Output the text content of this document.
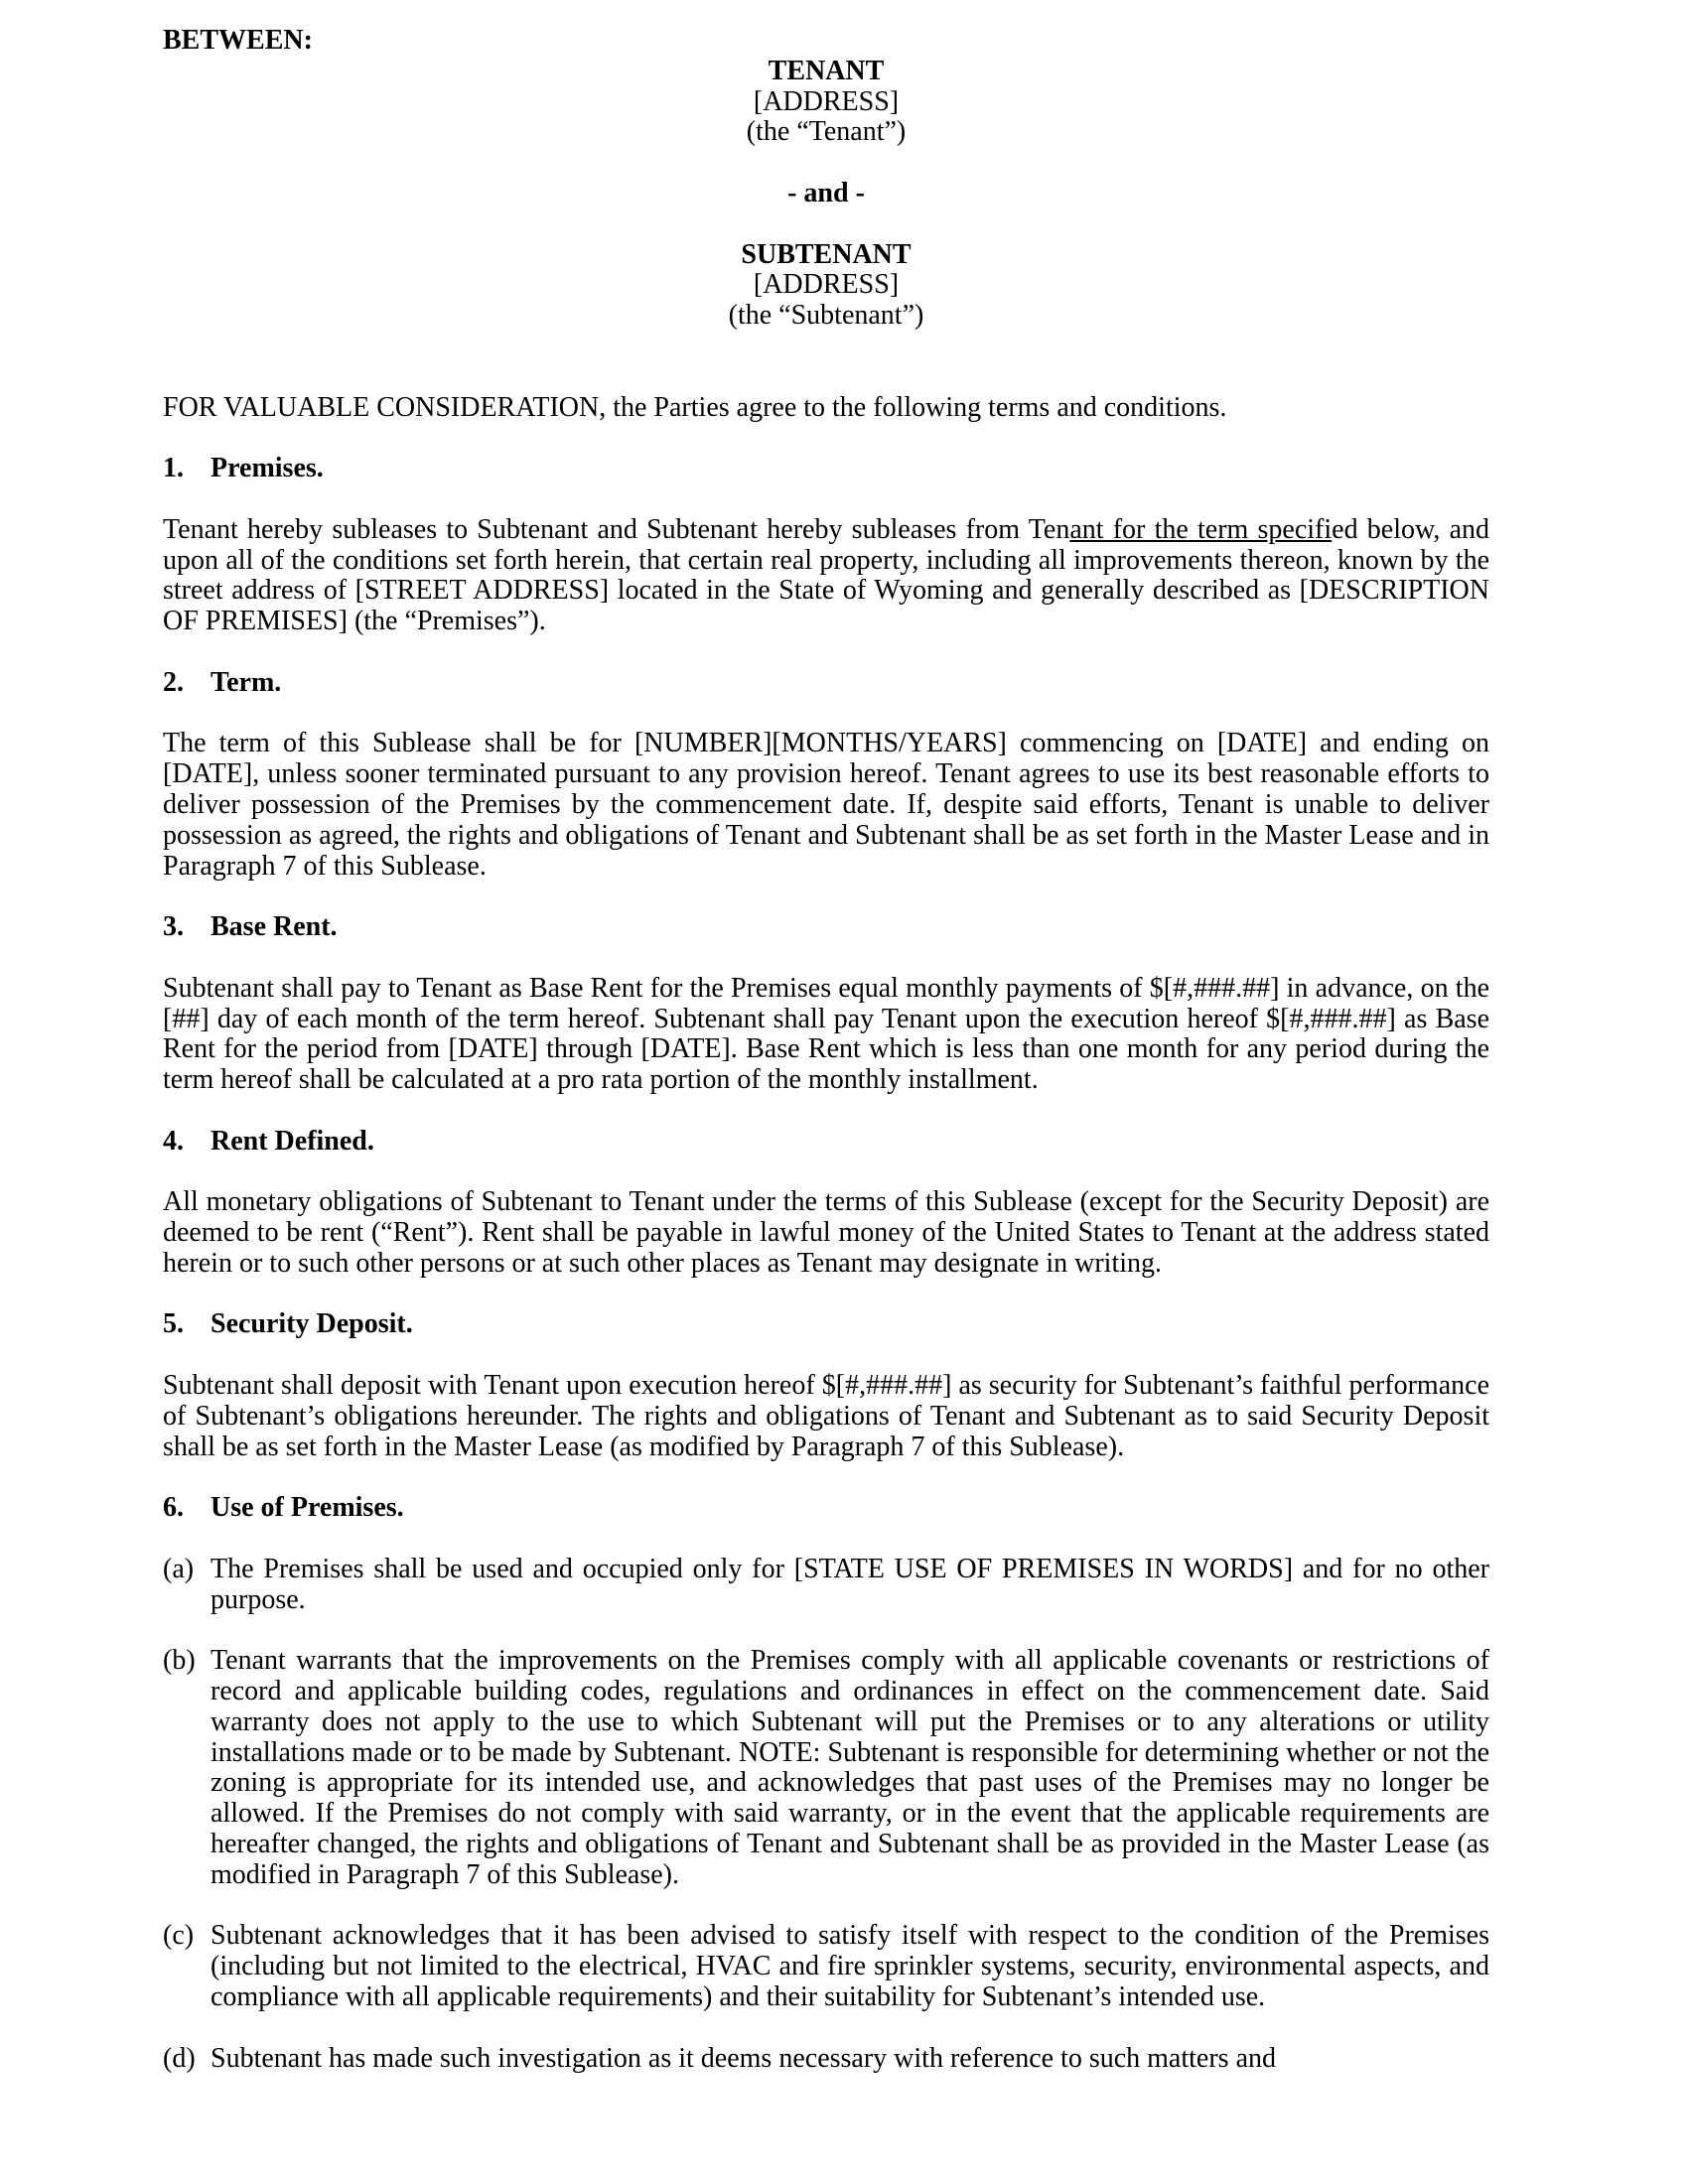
BETWEEN:

TENANT

[ADDRESS]

(the “Tenant”)

- and -

SUBTENANT

[ADDRESS]

(the “Subtenant”)

FOR VALUABLE CONSIDERATION, the Parties agree to the following terms and conditions.

1. Premises.

Tenant hereby subleases to Subtenant and Subtenant hereby subleases from Tenant for the term specified below, and upon all of the conditions set forth herein, that certain real property, including all improvements thereon, known by the street address of [STREET ADDRESS] located in the State of Wyoming and generally described as [DESCRIPTION OF PREMISES] (the “Premises”).

2. Term.

The term of this Sublease shall be for [NUMBER][MONTHS/YEARS] commencing on [DATE] and ending on [DATE], unless sooner terminated pursuant to any provision hereof. Tenant agrees to use its best reasonable efforts to deliver possession of the Premises by the commencement date. If, despite said efforts, Tenant is unable to deliver possession as agreed, the rights and obligations of Tenant and Subtenant shall be as set forth in the Master Lease and in Paragraph 7 of this Sublease.

3. Base Rent.

Subtenant shall pay to Tenant as Base Rent for the Premises equal monthly payments of $[#,###.##] in advance, on the [##] day of each month of the term hereof. Subtenant shall pay Tenant upon the execution hereof $[#,###.##] as Base Rent for the period from [DATE] through [DATE]. Base Rent which is less than one month for any period during the term hereof shall be calculated at a pro rata portion of the monthly installment.

4. Rent Defined.

All monetary obligations of Subtenant to Tenant under the terms of this Sublease (except for the Security Deposit) are deemed to be rent (“Rent”). Rent shall be payable in lawful money of the United States to Tenant at the address stated herein or to such other persons or at such other places as Tenant may designate in writing.

5. Security Deposit.

Subtenant shall deposit with Tenant upon execution hereof $[#,###.##] as security for Subtenant’s faithful performance of Subtenant’s obligations hereunder. The rights and obligations of Tenant and Subtenant as to said Security Deposit shall be as set forth in the Master Lease (as modified by Paragraph 7 of this Sublease).

6. Use of Premises.

(a) The Premises shall be used and occupied only for [STATE USE OF PREMISES IN WORDS] and for no other purpose.
(b) Tenant warrants that the improvements on the Premises comply with all applicable covenants or restrictions of record and applicable building codes, regulations and ordinances in effect on the commencement date. Said warranty does not apply to the use to which Subtenant will put the Premises or to any alterations or utility installations made or to be made by Subtenant. NOTE: Subtenant is responsible for determining whether or not the zoning is appropriate for its intended use, and acknowledges that past uses of the Premises may no longer be allowed. If the Premises do not comply with said warranty, or in the event that the applicable requirements are hereafter changed, the rights and obligations of Tenant and Subtenant shall be as provided in the Master Lease (as modified in Paragraph 7 of this Sublease).
(c) Subtenant acknowledges that it has been advised to satisfy itself with respect to the condition of the Premises (including but not limited to the electrical, HVAC and fire sprinkler systems, security, environmental aspects, and compliance with all applicable requirements) and their suitability for Subtenant’s intended use.
(d) Subtenant has made such investigation as it deems necessary with reference to such matters and
